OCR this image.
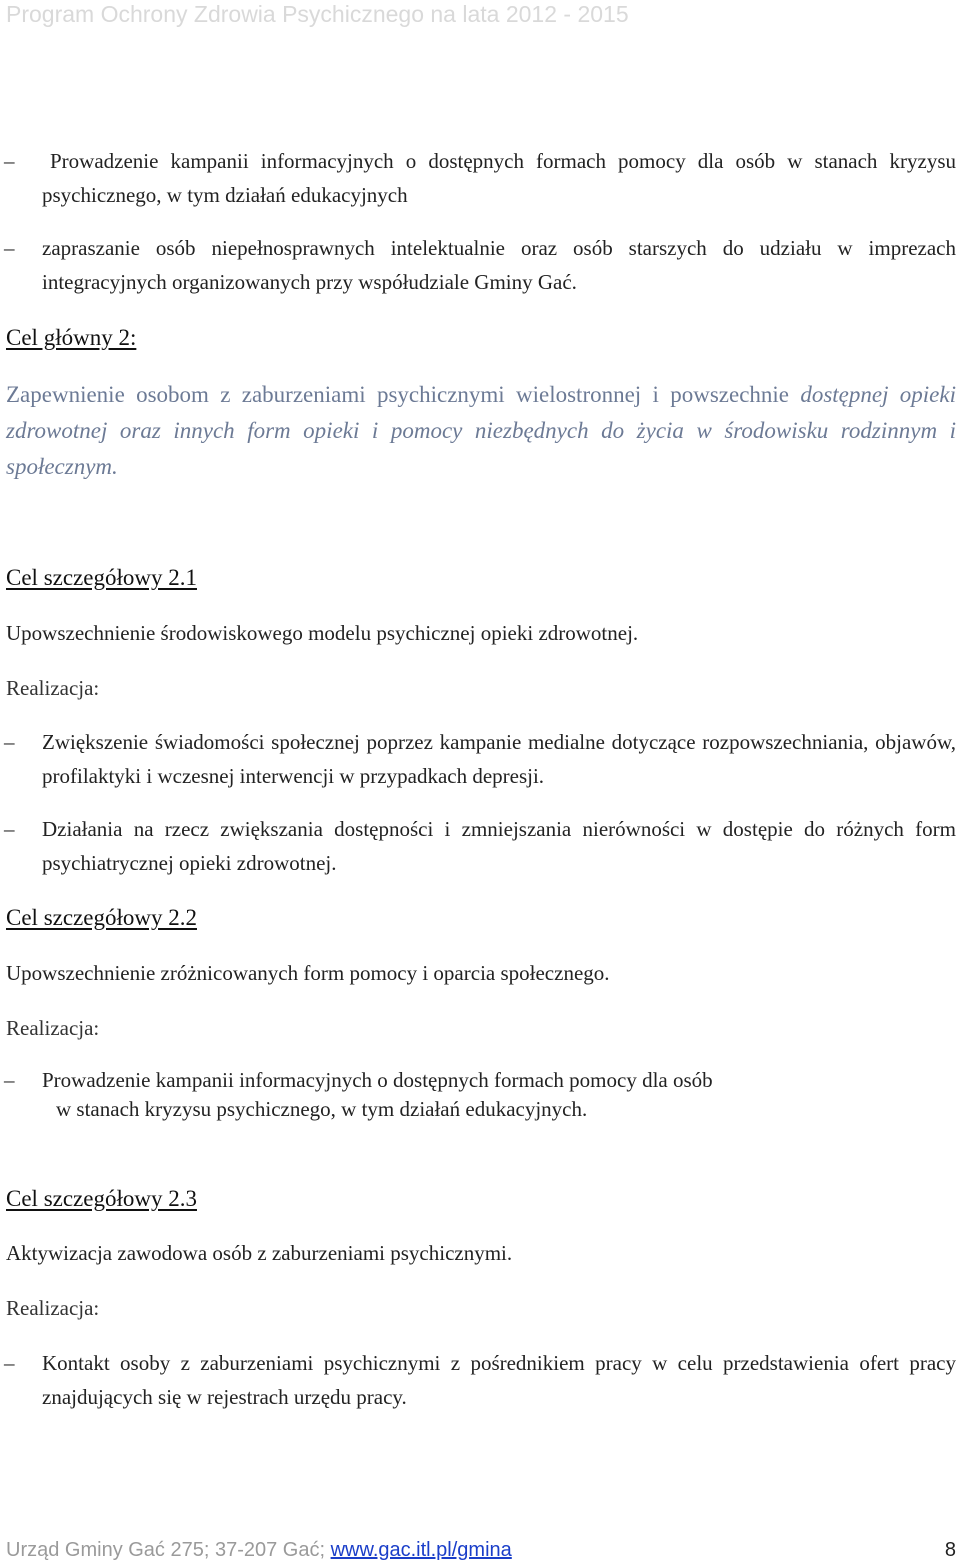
Program Ochrony Zdrowia Psychicznego na lata 2012 - 2015
–	Prowadzenie kampanii informacyjnych o dostępnych formach pomocy dla osób w stanach kryzysu psychicznego, w tym działań edukacyjnych
– zapraszanie osób niepełnosprawnych intelektualnie oraz osób starszych do udziału w imprezach integracyjnych organizowanych przy współudziale Gminy Gać.
Cel główny 2:
Zapewnienie osobom z zaburzeniami psychicznymi wielostronnej i powszechnie dostępnej opieki zdrowotnej oraz innych form opieki i pomocy niezbędnych do życia w środowisku rodzinnym i społecznym.
Cel szczegółowy 2.1
Upowszechnienie środowiskowego modelu psychicznej opieki zdrowotnej.
Realizacja:
– Zwiększenie świadomości społecznej poprzez kampanie medialne dotyczące rozpowszechniania, objawów, profilaktyki i wczesnej interwencji w przypadkach depresji.
– Działania na rzecz zwiększania dostępności i zmniejszania nierówności w dostępie do różnych form psychiatrycznej opieki zdrowotnej.
Cel szczegółowy 2.2
Upowszechnienie zróżnicowanych form pomocy i oparcia społecznego.
Realizacja:
– Prowadzenie kampanii informacyjnych o dostępnych formach pomocy dla osób
w stanach kryzysu psychicznego, w tym działań edukacyjnych.
Cel szczegółowy 2.3
Aktywizacja zawodowa osób z zaburzeniami psychicznymi.
Realizacja:
– Kontakt osoby z zaburzeniami psychicznymi z pośrednikiem pracy w celu przedstawienia ofert pracy znajdujących się w rejestrach urzędu pracy.
Urząd Gminy Gać 275; 37-207 Gać; www.gac.itl.pl/gmina	8
